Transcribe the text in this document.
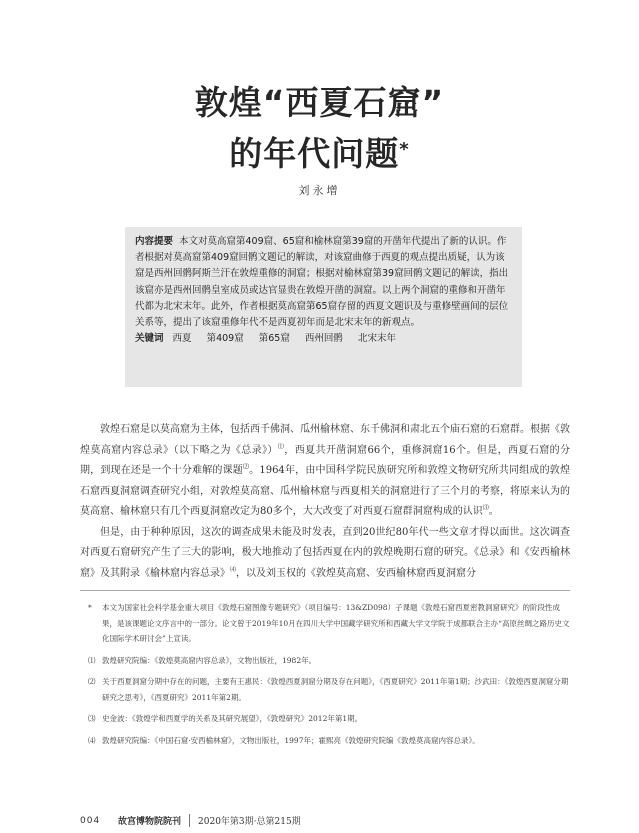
敦煌“西夏石窟”
的年代问题*
刘永增
内容提要 本文对莫高窟第409窟、65窟和榆林窟第39窟的开凿年代提出了新的认识。作者根据对莫高窟第409窟回鹘文题记的解读，对该窟曲修于西夏的观点提出质疑，认为该窟是西州回鹘阿斯兰汗在敦煌重修的洞窟；根据对榆林窟第39窟回鹘文题记的解读，指出该窟亦是西州回鹘皇室成员或达官显贵在敦煌开凿的洞窟。以上两个洞窟的重修和开凿年代都为北宋末年。此外，作者根据莫高窟第65窟存留的西夏文题识及与重修壁画间的层位关系等，提出了该窟重修年代不是西夏初年而是北宋末年的新观点。
关键词 西夏 第409窟 第65窟 西州回鹘 北宋末年

敦煌石窟是以莫高窟为主体，包括西千佛洞、瓜州榆林窟、东千佛洞和肃北五个庙石窟的石窟群。根据《敦煌莫高窟内容总录》（以下略之为《总录》）⑴，西夏共开凿洞窟66个，重修洞窟16个。但是，西夏石窟的分期，到现在还是一个十分难解的课题⑵。1964年，由中国科学院民族研究所和敦煌文物研究所共同组成的敦煌石窟西夏洞窟调查研究小组，对敦煌莫高窟、瓜州榆林窟与西夏相关的洞窟进行了三个月的考察，将原来认为的莫高窟、榆林窟只有几个西夏洞窟改定为80多个，大大改变了对西夏石窟群洞窟构成的认识⑶。

但是，由于种种原因，这次的调查成果未能及时发表，直到20世纪80年代一些文章才得以面世。这次调查对西夏石窟研究产生了三大的影响，极大地推动了包括西夏在内的敦煌晚期石窟的研究。《总录》和《安西榆林窟》及其附录《榆林窟内容总录》⑷，以及刘玉权的《敦煌莫高窟、安西榆林窟西夏洞窟分

*	本文为国家社会科学基金重大项目《敦煌石窟图像专题研究》（项目编号：13&ZD098）子课题《敦煌石窟西夏密教洞窟研究》的阶段性成果，是该课题论文序言中的一部分。论文曾于2019年10月在四川大学中国藏学研究所和西藏大学文学院于成都联合主办“高原丝绸之路历史文化国际学术研讨会”上宣读。
⑴ 敦煌研究院编：《敦煌莫高窟内容总录》，文物出版社，1982年。
⑵ 关于西夏洞窟分期中存在的问题，主要有王惠民：《敦煌西夏洞窟分期及存在问题》，《西夏研究》2011年第1期；沙武田：《敦煌西夏洞窟分期研究之思考》，《西夏研究》2011年第2期。
⑶ 史金波：《敦煌学和西夏学的关系及其研究展望》，《敦煌研究》2012年第1期。
⑷ 敦煌研究院编：《中国石窟·安西榆林窟》，文物出版社，1997年；霍熙亮《敦煌研究院编《敦煌莫高窟内容总录》。
004	故宫博物院院刊	2020年第3期·总第215期
